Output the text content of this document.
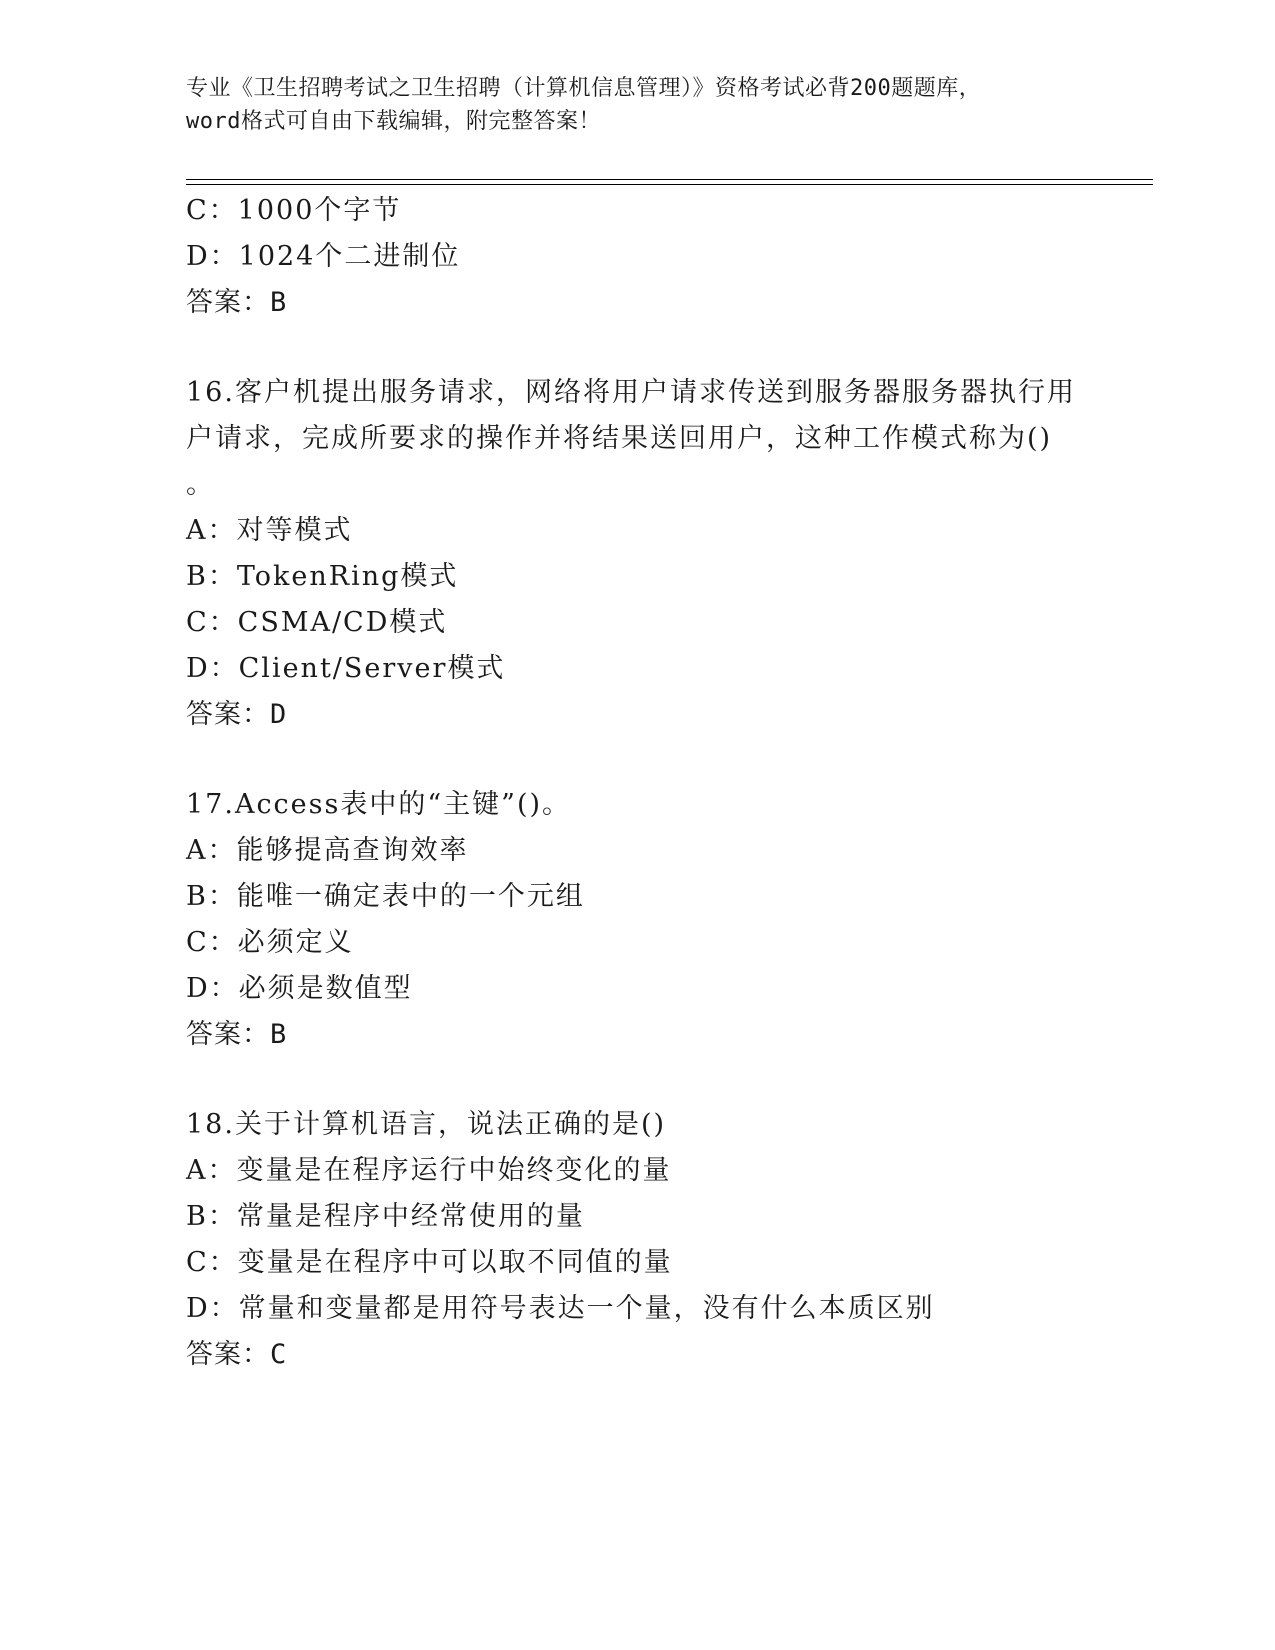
专业《卫生招聘考试之卫生招聘（计算机信息管理）》资格考试必背200题题库，
word格式可自由下载编辑，附完整答案！
C：1000个字节
D：1024个二进制位
答案：B
16.客户机提出服务请求，网络将用户请求传送到服务器服务器执行用
户请求，完成所要求的操作并将结果送回用户，这种工作模式称为()
。
A：对等模式
B：TokenRing模式
C：CSMA/CD模式
D：Client/Server模式
答案：D
17.Access表中的“主键”()。
A：能够提高查询效率
B：能唯一确定表中的一个元组
C：必须定义
D：必须是数值型
答案：B
18.关于计算机语言，说法正确的是()
A：变量是在程序运行中始终变化的量
B：常量是程序中经常使用的量
C：变量是在程序中可以取不同值的量
D：常量和变量都是用符号表达一个量，没有什么本质区别
答案：C
